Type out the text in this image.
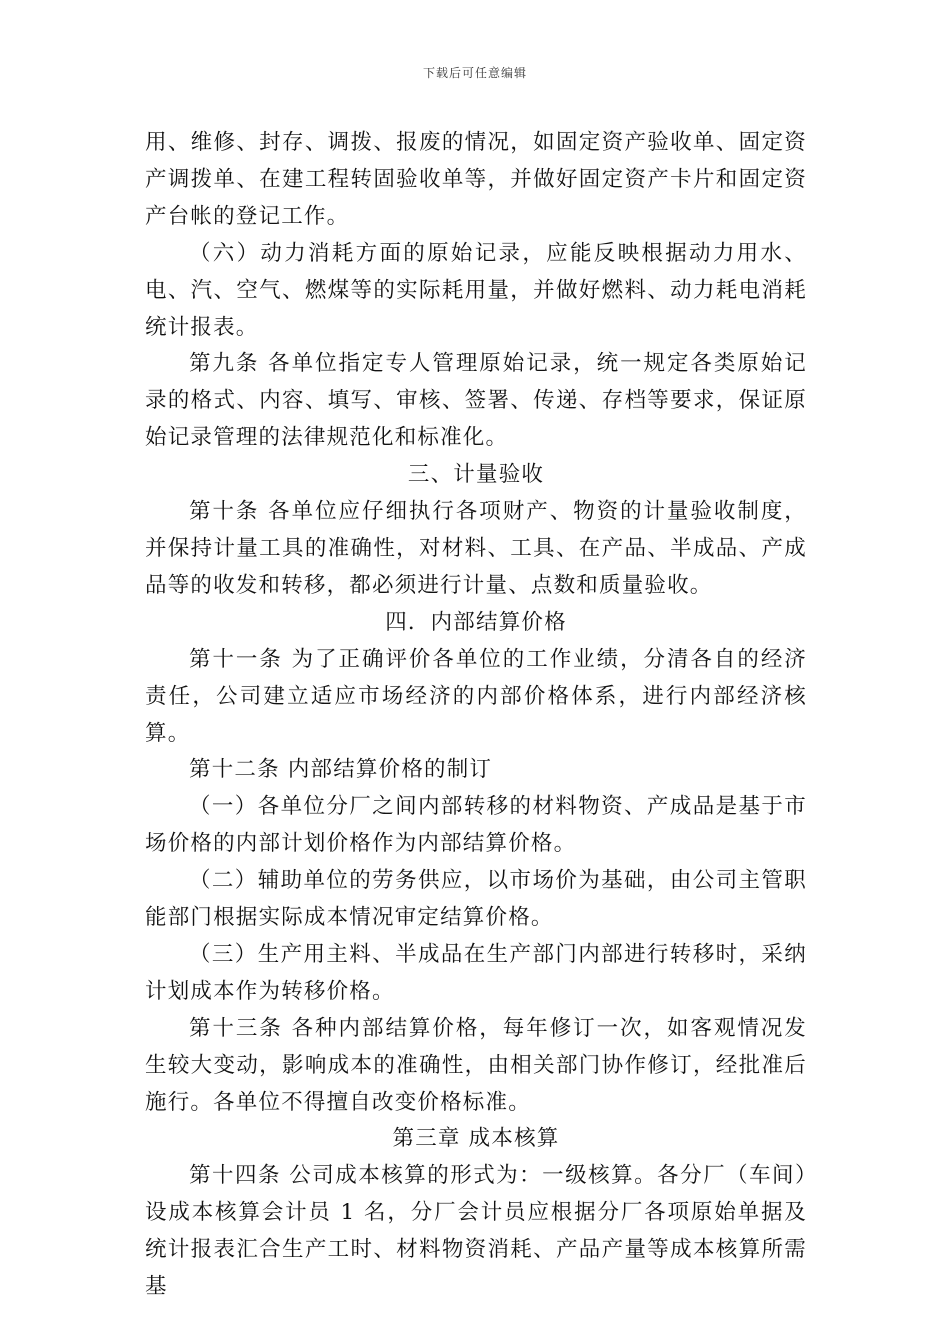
下载后可任意编辑

用、维修、封存、调拨、报废的情况，如固定资产验收单、固定资产调拨单、在建工程转固验收单等，并做好固定资产卡片和固定资产台帐的登记工作。

（六）动力消耗方面的原始记录，应能反映根据动力用水、电、汽、空气、燃煤等的实际耗用量，并做好燃料、动力耗电消耗统计报表。

第九条 各单位指定专人管理原始记录，统一规定各类原始记录的格式、内容、填写、审核、签署、传递、存档等要求，保证原始记录管理的法律规范化和标准化。

三、计量验收

第十条 各单位应仔细执行各项财产、物资的计量验收制度，并保持计量工具的准确性，对材料、工具、在产品、半成品、产成品等的收发和转移，都必须进行计量、点数和质量验收。

四．内部结算价格

第十一条 为了正确评价各单位的工作业绩，分清各自的经济责任，公司建立适应市场经济的内部价格体系，进行内部经济核算。

第十二条 内部结算价格的制订

（一）各单位分厂之间内部转移的材料物资、产成品是基于市场价格的内部计划价格作为内部结算价格。

（二）辅助单位的劳务供应，以市场价为基础，由公司主管职能部门根据实际成本情况审定结算价格。

（三）生产用主料、半成品在生产部门内部进行转移时，采纳计划成本作为转移价格。

第十三条 各种内部结算价格，每年修订一次，如客观情况发生较大变动，影响成本的准确性，由相关部门协作修订，经批准后施行。各单位不得擅自改变价格标准。

第三章 成本核算

第十四条 公司成本核算的形式为：一级核算。各分厂（车间）设成本核算会计员 1 名，分厂会计员应根据分厂各项原始单据及统计报表汇合生产工时、材料物资消耗、产品产量等成本核算所需基
